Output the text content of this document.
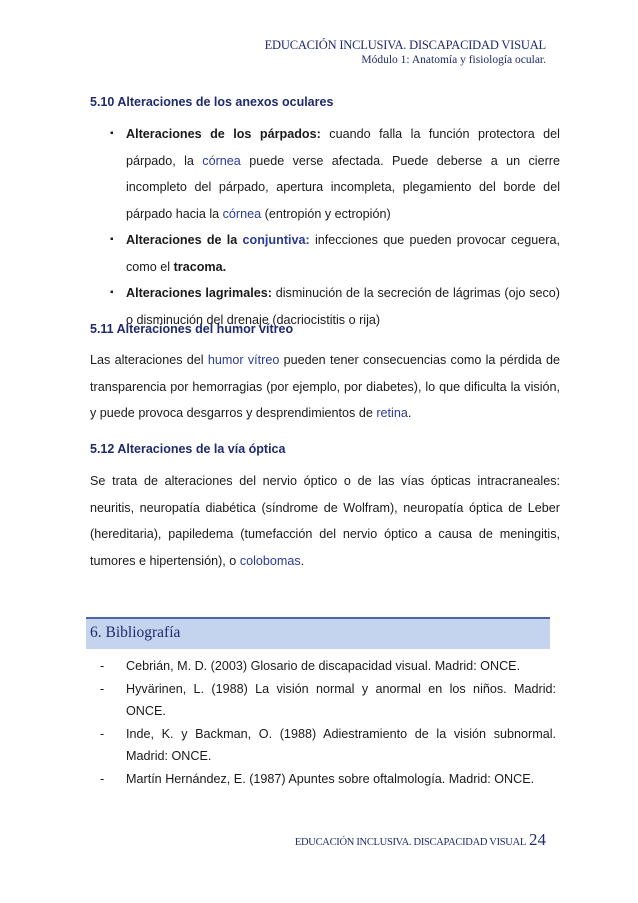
EDUCACIÓN INCLUSIVA. DISCAPACIDAD VISUAL
Módulo 1: Anatomía y fisiología ocular.
5.10 Alteraciones de los anexos oculares
▪ Alteraciones de los párpados: cuando falla la función protectora del párpado, la córnea puede verse afectada. Puede deberse a un cierre incompleto del párpado, apertura incompleta, plegamiento del borde del párpado hacia la córnea (entropión y ectropión)
▪ Alteraciones de la conjuntiva: infecciones que pueden provocar ceguera, como el tracoma.
▪ Alteraciones lagrimales: disminución de la secreción de lágrimas (ojo seco) o disminución del drenaje (dacriocistitis o rija)
5.11 Alteraciones del humor vítreo
Las alteraciones del humor vítreo pueden tener consecuencias como la pérdida de transparencia por hemorragias (por ejemplo, por diabetes), lo que dificulta la visión, y puede provoca desgarros y desprendimientos de retina.
5.12 Alteraciones de la vía óptica
Se trata de alteraciones del nervio óptico o de las vías ópticas intracraneales: neuritis, neuropatía diabética (síndrome de Wolfram), neuropatía óptica de Leber (hereditaria), papiledema (tumefacción del nervio óptico a causa de meningitis, tumores e hipertensión), o colobomas.
6. Bibliografía
- Cebrián, M. D. (2003) Glosario de discapacidad visual. Madrid: ONCE.
- Hyvärinen, L. (1988) La visión normal y anormal en los niños. Madrid: ONCE.
- Inde, K. y Backman, O. (1988) Adiestramiento de la visión subnormal. Madrid: ONCE.
- Martín Hernández, E. (1987) Apuntes sobre oftalmología. Madrid: ONCE.
EDUCACIÓN INCLUSIVA. DISCAPACIDAD VISUAL 24
